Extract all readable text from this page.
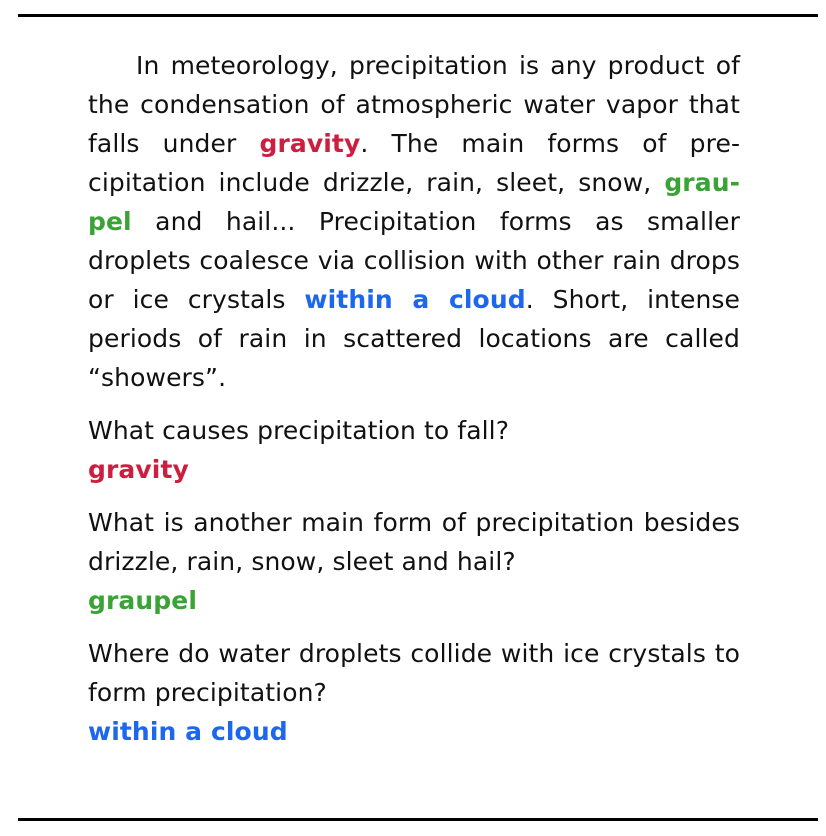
In meteorology, precipitation is any product of the condensation of atmospheric water vapor that falls under gravity. The main forms of precipitation include drizzle, rain, sleet, snow, graupel and hail... Precipitation forms as smaller droplets coalesce via collision with other rain drops or ice crystals within a cloud. Short, intense periods of rain in scattered locations are called “showers”.

What causes precipitation to fall?
gravity
What is another main form of precipitation besides drizzle, rain, snow, sleet and hail?
graupel
Where do water droplets collide with ice crystals to form precipitation?
within a cloud
